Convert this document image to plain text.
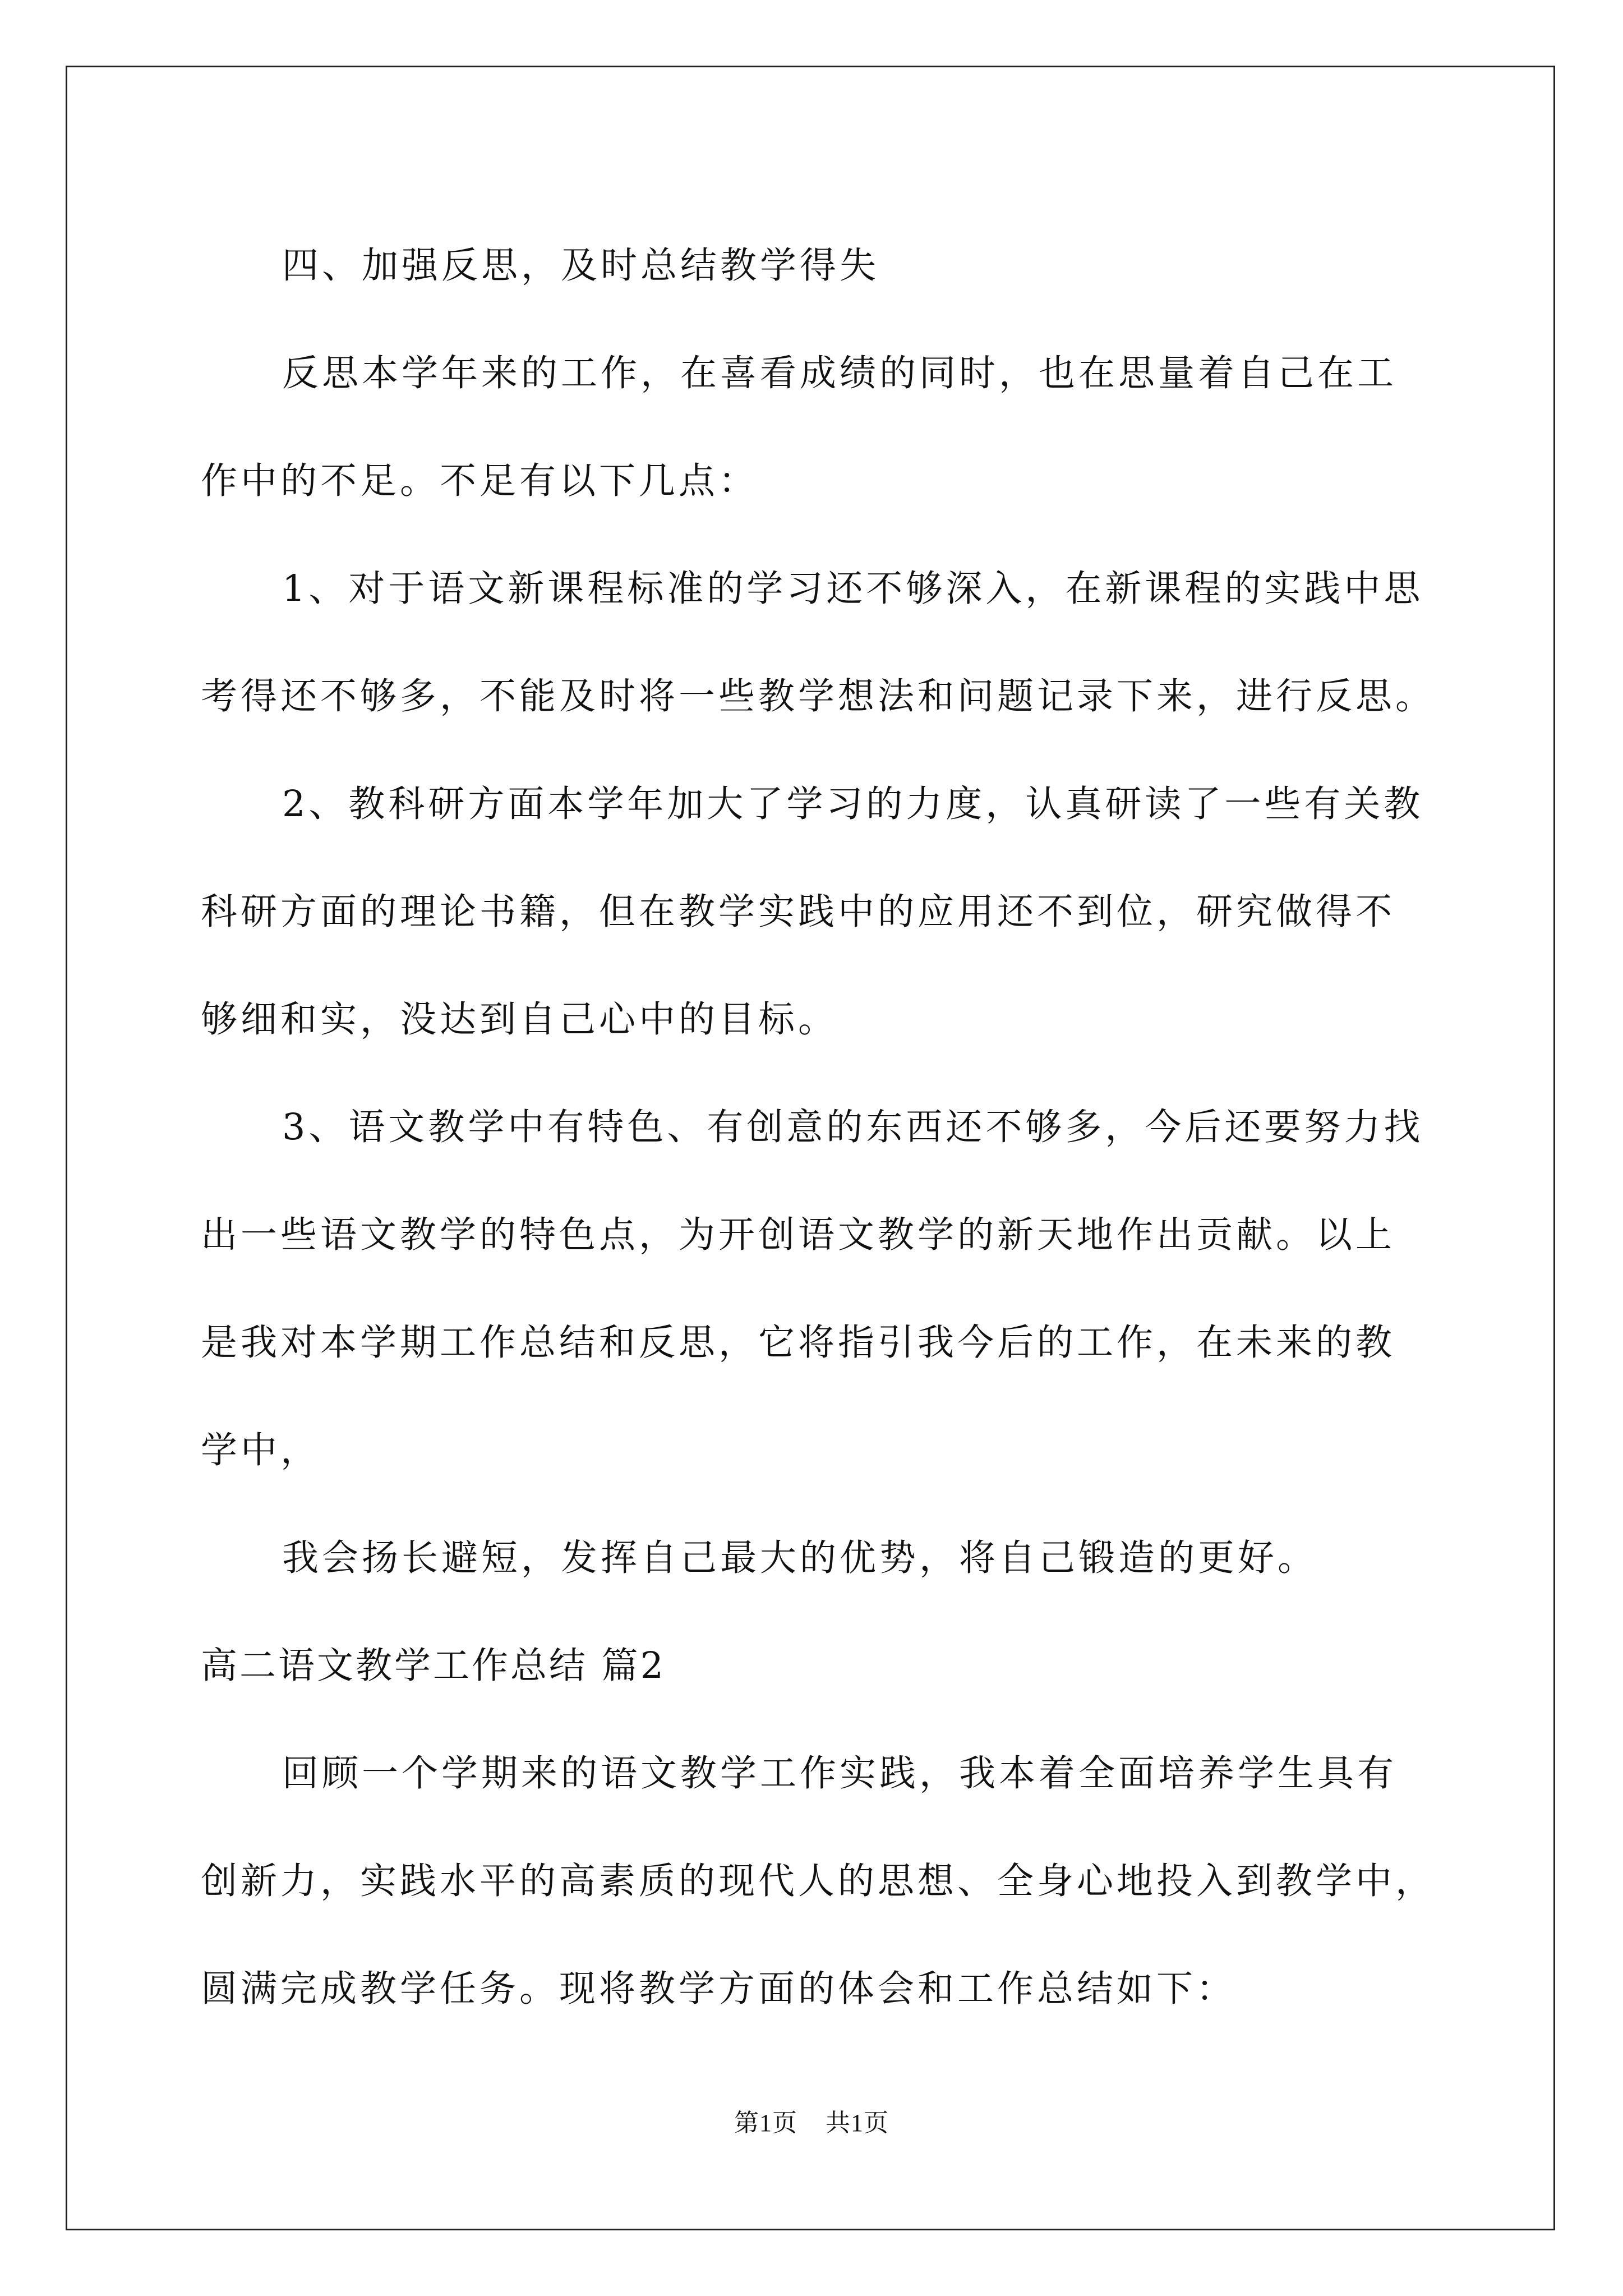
四、加强反思，及时总结教学得失
反思本学年来的工作，在喜看成绩的同时，也在思量着自己在工
作中的不足。不足有以下几点：
1、对于语文新课程标准的学习还不够深入，在新课程的实践中思
考得还不够多，不能及时将一些教学想法和问题记录下来，进行反思。
2、教科研方面本学年加大了学习的力度，认真研读了一些有关教
科研方面的理论书籍，但在教学实践中的应用还不到位，研究做得不
够细和实，没达到自己心中的目标。
3、语文教学中有特色、有创意的东西还不够多，今后还要努力找
出一些语文教学的特色点，为开创语文教学的新天地作出贡献。以上
是我对本学期工作总结和反思，它将指引我今后的工作，在未来的教
学中，
我会扬长避短，发挥自己最大的优势，将自己锻造的更好。
高二语文教学工作总结 篇2
回顾一个学期来的语文教学工作实践，我本着全面培养学生具有
创新力，实践水平的高素质的现代人的思想、全身心地投入到教学中，
圆满完成教学任务。现将教学方面的体会和工作总结如下：
第1页 共1页
